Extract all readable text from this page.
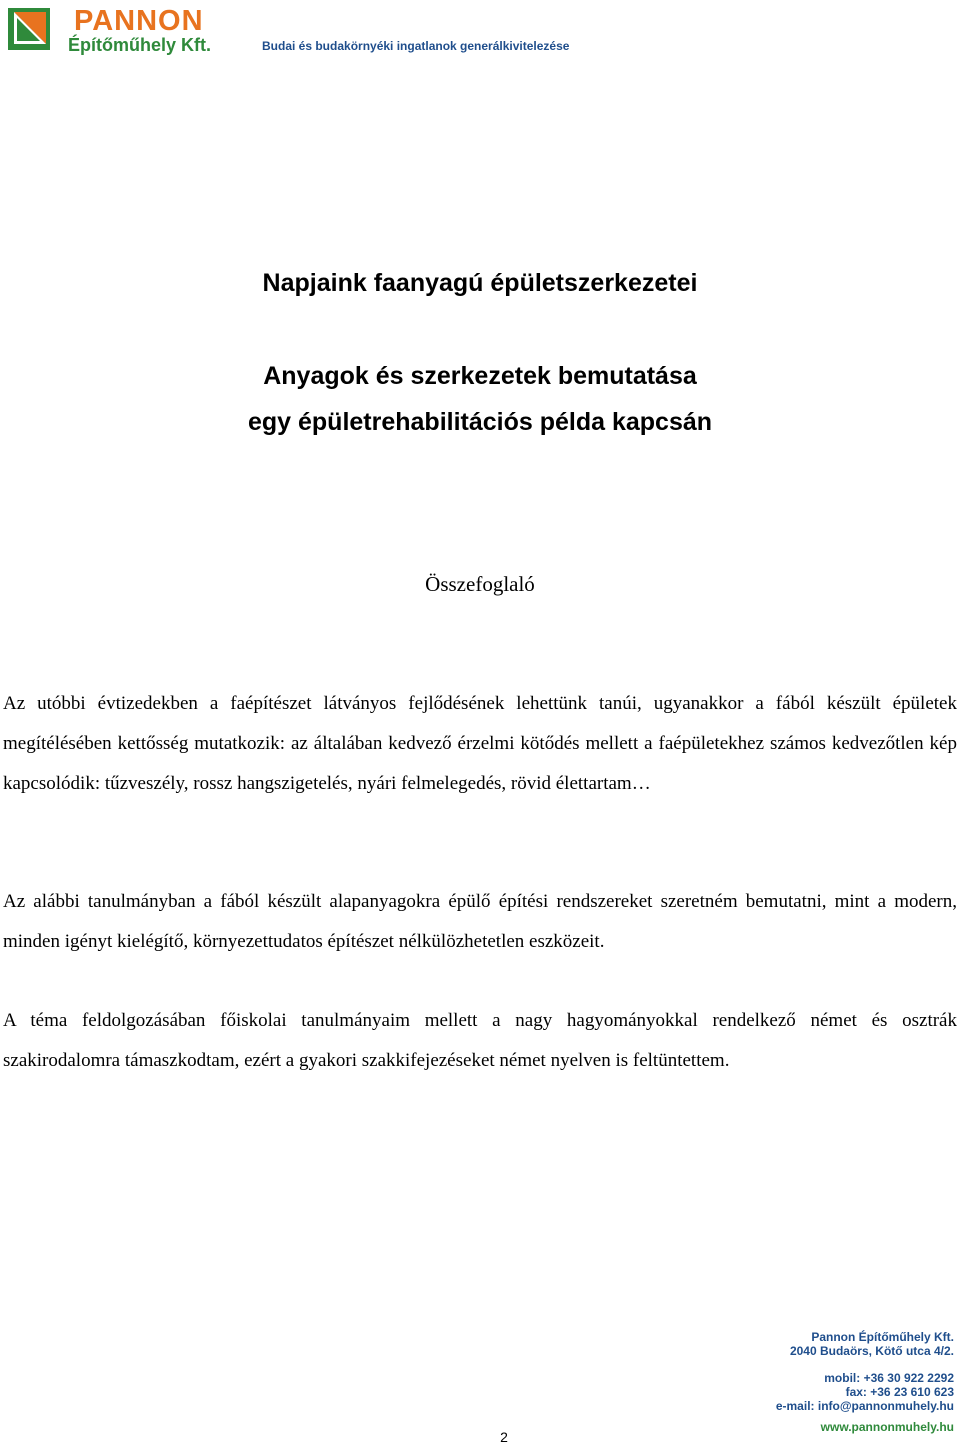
PANNON
Építőműhely Kft.	Budai és budakörnyéki ingatlanok generálkivitelezése
Napjaink faanyagú épületszerkezetei
Anyagok és szerkezetek bemutatása
egy épületrehabilitációs példa kapcsán
Összefoglaló

Az utóbbi évtizedekben a faépítészet látványos fejlődésének lehettünk tanúi, ugyanakkor a fából készült épületek megítélésében kettősség mutatkozik: az általában kedvező érzelmi kötődés mellett a faépületekhez számos kedvezőtlen kép kapcsolódik: tűzveszély, rossz hangszigetelés, nyári felmelegedés, rövid élettartam…

Az alábbi tanulmányban a fából készült alapanyagokra épülő építési rendszereket szeretném bemutatni, mint a modern, minden igényt kielégítő, környezettudatos építészet nélkülözhetetlen eszközeit.

A téma feldolgozásában főiskolai tanulmányaim mellett a nagy hagyományokkal rendelkező német és osztrák szakirodalomra támaszkodtam, ezért a gyakori szakkifejezéseket német nyelven is feltüntettem.

Pannon Építőműhely Kft.
2040 Budaörs, Kötő utca 4/2.
mobil: +36 30 922 2292
fax: +36 23 610 623
e-mail: info@pannonmuhely.hu
www.pannonmuhely.hu
2
